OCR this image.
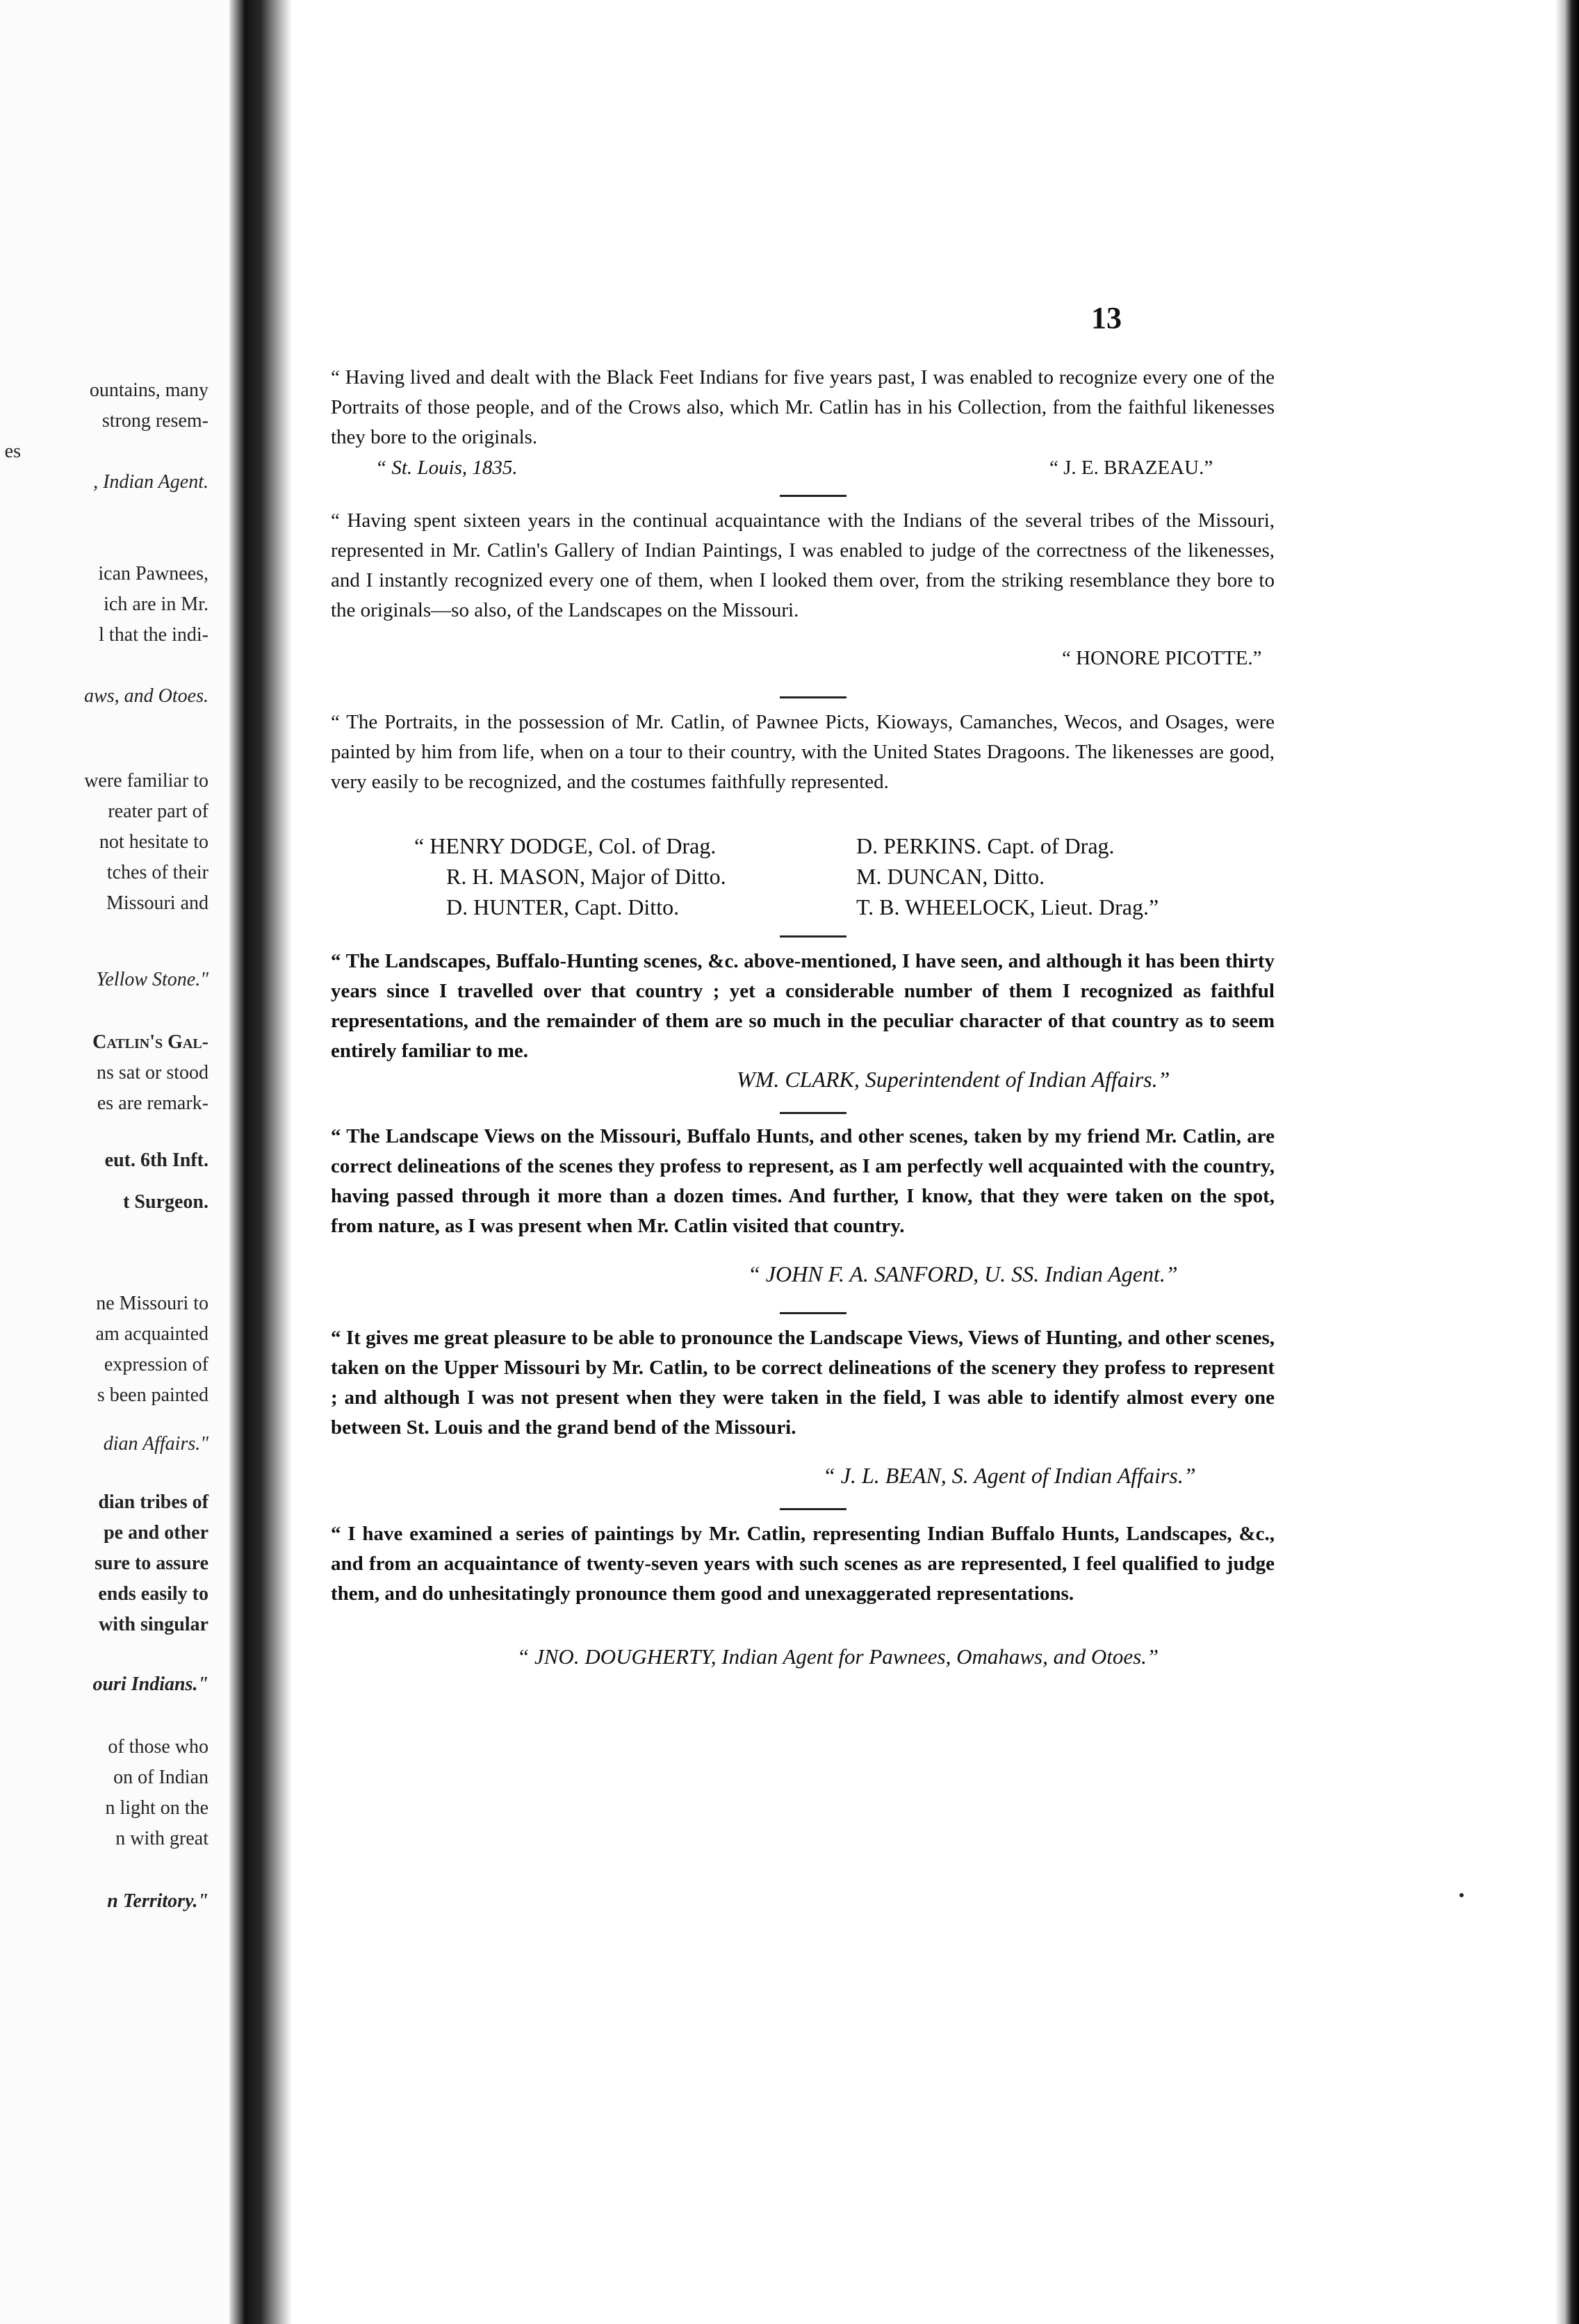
ountains, many
strong resem-
es
, Indian Agent.
ican Pawnees,
ich are in Mr.
l that the indi-
aws, and Otoes.
were familiar to
reater part of
not hesitate to
tches of their
Missouri and
Yellow Stone."
Catlin's Gal-
ns sat or stood
es are remark-
eut. 6th Inft.
t Surgeon.
ne Missouri to
am acquainted
expression of
s been painted
dian Affairs."
dian tribes of
pe and other
sure to assure
ends easily to
with singular
ouri Indians."
of those who
on of Indian
n light on the
n with great
n Territory."
13

“ Having lived and dealt with the Black Feet Indians for five years past, I was enabled to recognize every one of the Portraits of those people, and of the Crows also, which Mr. Catlin has in his Collection, from the faithful likenesses they bore to the originals.

“ St. Louis, 1835.	“ J. E. BRAZEAU.”

“ Having spent sixteen years in the continual acquaintance with the Indians of the several tribes of the Missouri, represented in Mr. Catlin's Gallery of Indian Paintings, I was enabled to judge of the correctness of the likenesses, and I instantly recognized every one of them, when I looked them over, from the striking resemblance they bore to the originals—so also, of the Landscapes on the Missouri.

“ HONORE PICOTTE.”

“ The Portraits, in the possession of Mr. Catlin, of Pawnee Picts, Kioways, Camanches, Wecos, and Osages, were painted by him from life, when on a tour to their country, with the United States Dragoons. The likenesses are good, very easily to be recognized, and the costumes faithfully represented.

“ HENRY DODGE, Col. of Drag.	D. PERKINS. Capt. of Drag.
R. H. MASON, Major of Ditto.	M. DUNCAN, Ditto.
D. HUNTER, Capt. Ditto.	T. B. WHEELOCK, Lieut. Drag.”

“ The Landscapes, Buffalo-Hunting scenes, &c. above-mentioned, I have seen, and although it has been thirty years since I travelled over that country ; yet a considerable number of them I recognized as faithful representations, and the remainder of them are so much in the peculiar character of that country as to seem entirely familiar to me.

WM. CLARK, Superintendent of Indian Affairs.”

“ The Landscape Views on the Missouri, Buffalo Hunts, and other scenes, taken by my friend Mr. Catlin, are correct delineations of the scenes they profess to represent, as I am perfectly well acquainted with the country, having passed through it more than a dozen times. And further, I know, that they were taken on the spot, from nature, as I was present when Mr. Catlin visited that country.

“ JOHN F. A. SANFORD, U. SS. Indian Agent.”

“ It gives me great pleasure to be able to pronounce the Landscape Views, Views of Hunting, and other scenes, taken on the Upper Missouri by Mr. Catlin, to be correct delineations of the scenery they profess to represent ; and although I was not present when they were taken in the field, I was able to identify almost every one between St. Louis and the grand bend of the Missouri.

“ J. L. BEAN, S. Agent of Indian Affairs.”

“ I have examined a series of paintings by Mr. Catlin, representing Indian Buffalo Hunts, Landscapes, &c., and from an acquaintance of twenty-seven years with such scenes as are represented, I feel qualified to judge them, and do unhesitatingly pronounce them good and unexaggerated representations.

“ JNO. DOUGHERTY, Indian Agent for Pawnees, Omahaws, and Otoes.”
